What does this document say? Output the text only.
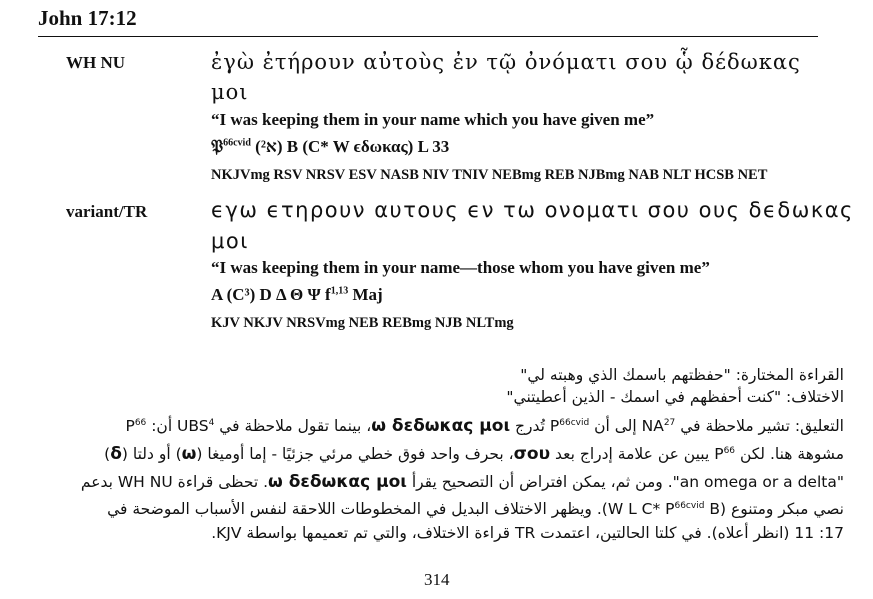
John 17:12
WH NU	ἐγὼ ἐτήρουν αὐτοὺς ἐν τῷ ὀνόματι σου ᾧ δέδωκας
μοι
“I was keeping them in your name which you have given me”
𝔓$^{66cvid}$ (א²) B (C* W ϵδωκας) L 33
NKJVmg RSV NRSV ESV NASB NIV TNIV NEBmg REB NJBmg NAB NLT HCSB NET
variant/TR	ϵγω ϵτηρουν αυτους ϵν τω ονοματι σου ους δϵδωκας
μοι
“I was keeping them in your name—those whom you have given me”
A (C³) D Δ Θ Ψ $f^{1,13}$ Maj
KJV NKJV NRSVmg NEB REBmg NJB NLTmg
القراءة المختارة: "حفظتهم باسمك الذي وهبته لي"
الاختلاف: "كنت أحفظهم في اسمك - الذين أعطيتني"
التعليق: تشير ملاحظة في NA$^{27}$ إلى أن $P^{66cvid}$ تُدرج ω δεδωκας μοι، بينما تقول ملاحظة في UBS$^4$ أن: $P^{66}$
مشوهة هنا. لكن $P^{66}$ يبين عن علامة إدراج بعد σου، بحرف واحد فوق خطي مرئي جزئيًا - إما أوميغا (ω) أو دلتا (δ)
"an omega or a delta". ومن ثم، يمكن افتراض أن التصحيح يقرأ ω δεδωκας μοι. تحظى قراءة WH NU بدعم
نصي مبكر ومتنوع (W L C* $P^{66cvid}$ B). ويظهر الاختلاف البديل في المخطوطات اللاحقة لنفس الأسباب الموضحة في
17: 11 (انظر أعلاه). في كلتا الحالتين، اعتمدت TR قراءة الاختلاف، والتي تم تعميمها بواسطة KJV.
314
